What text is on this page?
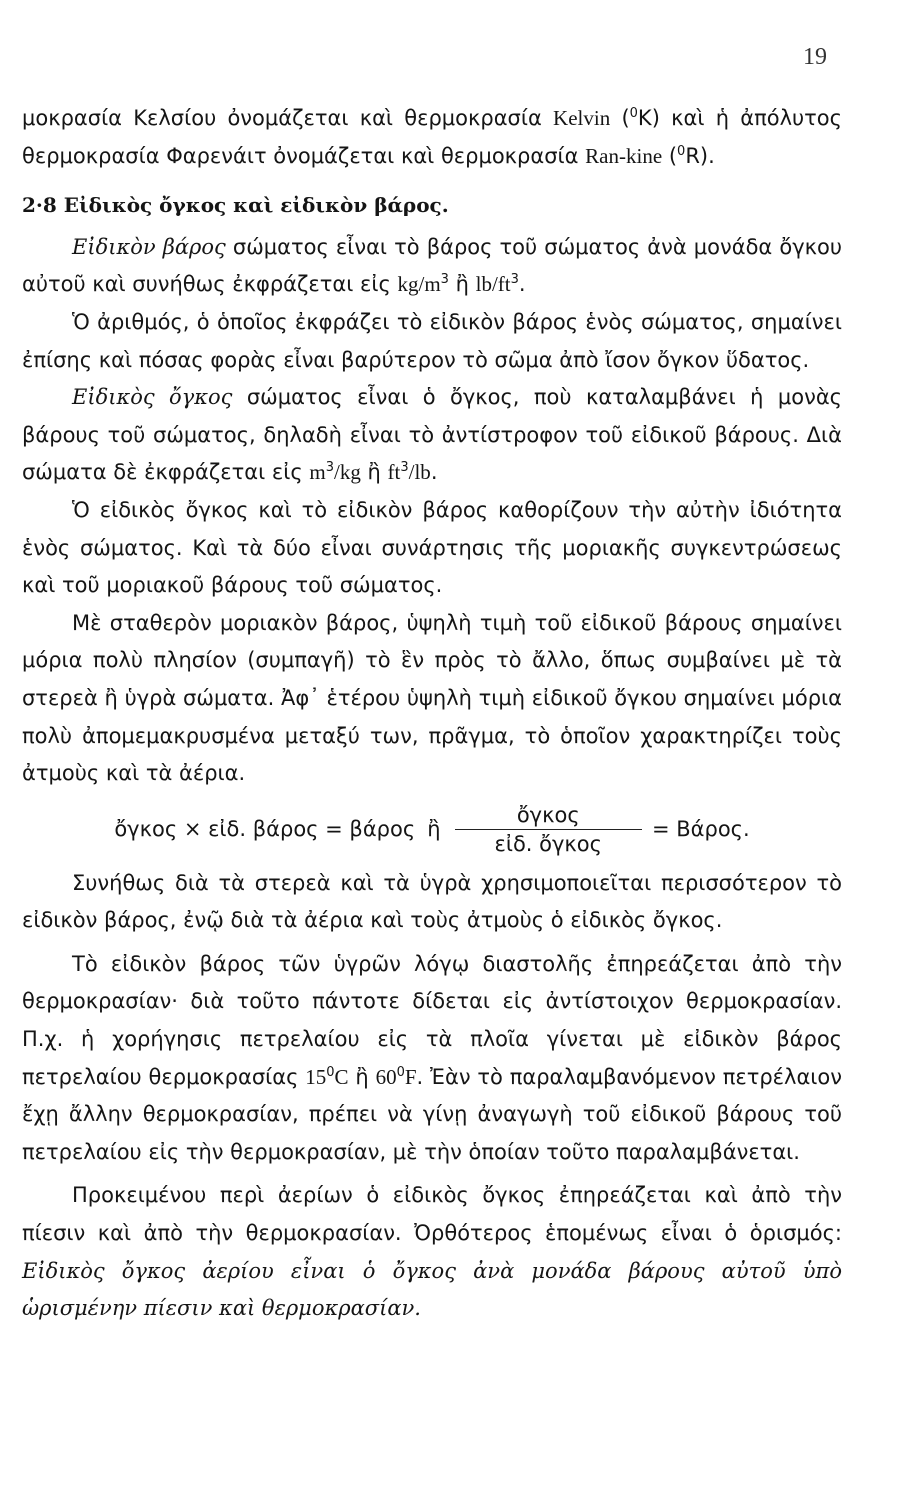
19

μοκρασία Κελσίου ὀνομάζεται καὶ θερμοκρασία Kelvin ($^0$Κ) καὶ ἡ ἀπόλυτος θερμοκρασία Φαρενάιτ ὀνομάζεται καὶ θερμοκρασία Ran-kine ($^0$R).

2·8 Εἰδικὸς ὄγκος καὶ εἰδικὸν βάρος.

Εἰδικὸν βάρος σώματος εἶναι τὸ βάρος τοῦ σώματος ἀνὰ μονάδα ὄγκου αὐτοῦ καὶ συνήθως ἐκφράζεται εἰς $kg/m^3$ ἢ $lb/ft^3$.

Ὁ ἀριθμός, ὁ ὁποῖος ἐκφράζει τὸ εἰδικὸν βάρος ἑνὸς σώματος, σημαίνει ἐπίσης καὶ πόσας φορὰς εἶναι βαρύτερον τὸ σῶμα ἀπὸ ἴσον ὄγκον ὕδατος.

Εἰδικὸς ὄγκος σώματος εἶναι ὁ ὄγκος, ποὺ καταλαμβάνει ἡ μονὰς βάρους τοῦ σώματος, δηλαδὴ εἶναι τὸ ἀντίστροφον τοῦ εἰδικοῦ βάρους. Διὰ σώματα δὲ ἐκφράζεται εἰς $m^3/kg$ ἢ $ft^3/lb$.

Ὁ εἰδικὸς ὄγκος καὶ τὸ εἰδικὸν βάρος καθορίζουν τὴν αὐτὴν ἰδιότητα ἑνὸς σώματος. Καὶ τὰ δύο εἶναι συνάρτησις τῆς μοριακῆς συγκεντρώσεως καὶ τοῦ μοριακοῦ βάρους τοῦ σώματος.

Μὲ σταθερὸν μοριακὸν βάρος, ὑψηλὴ τιμὴ τοῦ εἰδικοῦ βάρους σημαίνει μόρια πολὺ πλησίον (συμπαγῆ) τὸ ἓν πρὸς τὸ ἄλλο, ὅπως συμβαίνει μὲ τὰ στερεὰ ἢ ὑγρὰ σώματα. Ἀφ᾽ ἑτέρου ὑψηλὴ τιμὴ εἰδικοῦ ὄγκου σημαίνει μόρια πολὺ ἀπομεμακρυσμένα μεταξύ των, πρᾶγμα, τὸ ὁποῖον χαρακτηρίζει τοὺς ἀτμοὺς καὶ τὰ ἀέρια.

ὄγκος × εἰδ. βάρος = βάρος ἢ $\frac{\text{ὄγκος}}{\text{εἰδ. ὄγκος}} = Bά\rho o\varsigma$.

Συνήθως διὰ τὰ στερεὰ καὶ τὰ ὑγρὰ χρησιμοποιεῖται περισσότερον τὸ εἰδικὸν βάρος, ἐνῷ διὰ τὰ ἀέρια καὶ τοὺς ἀτμοὺς ὁ εἰδικὸς ὄγκος.

Τὸ εἰδικὸν βάρος τῶν ὑγρῶν λόγῳ διαστολῆς ἐπηρεάζεται ἀπὸ τὴν θερμοκρασίαν· διὰ τοῦτο πάντοτε δίδεται εἰς ἀντίστοιχον θερμοκρασίαν. Π.χ. ἡ χορήγησις πετρελαίου εἰς τὰ πλοῖα γίνεται μὲ εἰδικὸν βάρος πετρελαίου θερμοκρασίας $15^0C$ ἢ $60^0F$. Ἐὰν τὸ παραλαμβανόμενον πετρέλαιον ἔχῃ ἄλλην θερμοκρασίαν, πρέπει νὰ γίνῃ ἀναγωγὴ τοῦ εἰδικοῦ βάρους τοῦ πετρελαίου εἰς τὴν θερμοκρασίαν, μὲ τὴν ὁποίαν τοῦτο παραλαμβάνεται.

Προκειμένου περὶ ἀερίων ὁ εἰδικὸς ὄγκος ἐπηρεάζεται καὶ ἀπὸ τὴν πίεσιν καὶ ἀπὸ τὴν θερμοκρασίαν. Ὀρθότερος ἑπομένως εἶναι ὁ ὁρισμός: Εἰδικὸς ὄγκος ἀερίου εἶναι ὁ ὄγκος ἀνὰ μονάδα βάρους αὐτοῦ ὑπὸ ὡρισμένην πίεσιν καὶ θερμοκρασίαν.
